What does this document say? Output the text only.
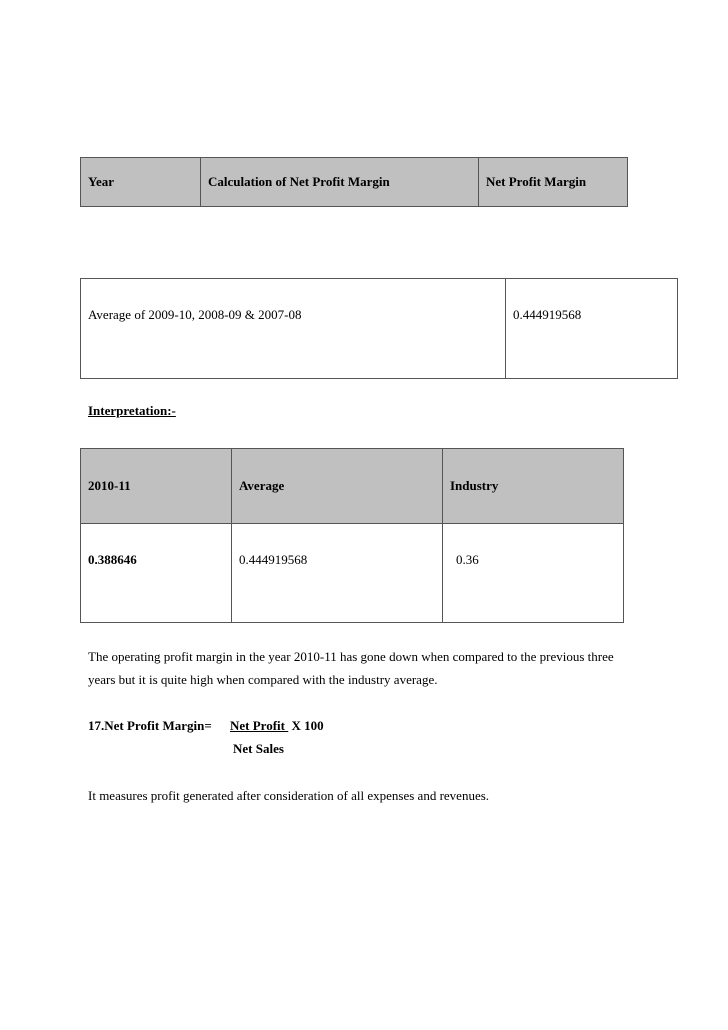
Year	Calculation of Net Profit Margin	Net Profit Margin
Average of 2009-10, 2008-09 & 2007-08	0.444919568
Interpretation:-
2010-11	Average	Industry
0.388646	0.444919568	0.36
The operating profit margin in the year 2010-11 has gone down when compared to the previous three
years but it is quite high when compared with the industry average.
17.Net Profit Margin= Net Profit  X 100
Net Sales
It measures profit generated after consideration of all expenses and revenues.
